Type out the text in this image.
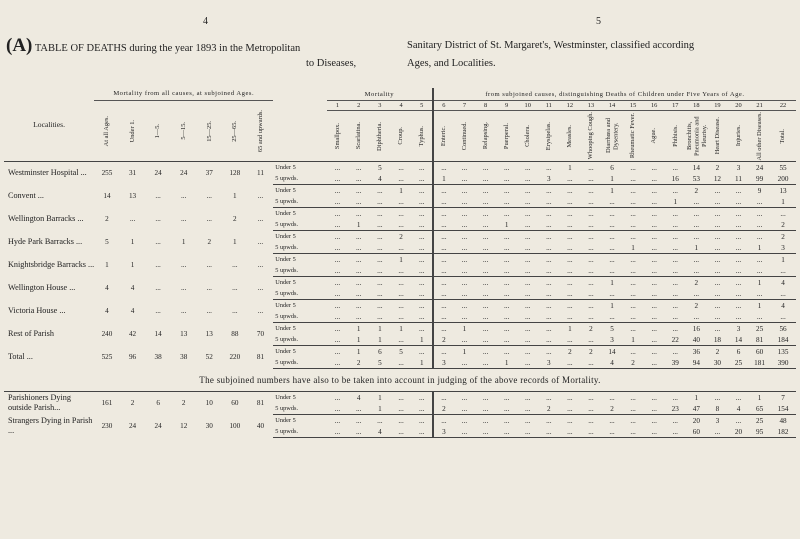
4	5
(A) TABLE OF DEATHS during the year 1893 in the Metropolitan
to Diseases,
Sanitary District of St. Margaret's, Westminster, classified according
Ages, and Localities.
Localities.	Mortality from all causes, at subjoined Ages.								Mortality					from subjoined causes, distinguishing Deaths of Children under Five Years of Age.																

	At all Ages.	Under 1.	1—5.	5—15.	15—25.	25—65.	65 and upwards.		1	2	3	4	5	6	7	8	9	10	11	12	13	14	15	16	17	18	19	20	21	22

									Smallpox.	Scarlatina.	Diphtheria.	Croup.	Typhus.	Enteric.	Continued.	Relapsing.	Puerperal.	Cholera.	Erysipelas.	Measles.	Whooping Cough.	Diarrhœa and Dysentery.	Rheumatic Fever.	Ague.	Phthisis.	Bronchitis, Pneumonia and Pleurisy.	Heart Disease.	Injuries.	All other Diseases.	Total.

Westminster Hospital ...	255	31	24	24	37	128	11	Under 5	...	...	5	...	...	...	...	...	...	...	...	1	...	6	...	...	...	14	2	3	24	55
								5 upwds.	...	...	4	...	...	1	...	...	...	...	3	...	...	1	...	...	16	53	12	11	99	200
Convent ...	14	13	...	...	...	1	...	Under 5	...	...	...	1	...	...	...	...	...	...	...	...	...	1	...	...	...	2	...	...	9	13
								5 upwds.	...	...	...	...	...	...	...	...	...	...	...	...	...	...	...	...	1	...	...	...	...	1
Wellington Barracks ...	2	...	...	...	...	2	...	Under 5	...	...	...	...	...	...	...	...	...	...	...	...	...	...	...	...	...	...	...	...	...	...
								5 upwds.	...	1	...	...	...	...	...	...	1	...	...	...	...	...	...	...	...	...	...	...	...	2
Hyde Park Barracks ...	5	1	...	1	2	1	...	Under 5	...	...	...	2	...	...	...	...	...	...	...	...	...	...	...	...	...	...	...	...	...	2
								5 upwds.	...	...	...	...	...	...	...	...	...	...	...	...	...	...	1	...	...	1	...	...	1	3
Knightsbridge Barracks ...	1	1	...	...	...	...	...	Under 5	...	...	...	1	...	...	...	...	...	...	...	...	...	...	...	...	...	...	...	...	...	1
								5 upwds.	...	...	...	...	...	...	...	...	...	...	...	...	...	...	...	...	...	...	...	...	...	...
Wellington House ...	4	4	...	...	...	...	...	Under 5	...	...	...	...	...	...	...	...	...	...	...	...	...	1	...	...	...	2	...	...	1	4
								5 upwds.	...	...	...	...	...	...	...	...	...	...	...	...	...	...	...	...	...	...	...	...	...	...
Victoria House ...	4	4	...	...	...	...	...	Under 5	...	...	...	...	...	...	...	...	...	...	...	...	...	1	...	...	...	2	...	...	1	4
								5 upwds.	...	...	...	...	...	...	...	...	...	...	...	...	...	...	...	...	...	...	...	...	...	...
Rest of Parish	240	42	14	13	13	88	70	Under 5	...	1	1	1	...	...	1	...	...	...	...	1	2	5	...	...	...	16	...	3	25	56
								5 upwds.	...	1	1	...	1	2	...	...	...	...	...	...	...	3	1	...	22	40	18	14	81	184
Total ...	525	96	38	38	52	220	81	Under 5	...	1	6	5	...	...	1	...	...	...	...	2	2	14	...	...	...	36	2	6	60	135
								5 upwds.	...	2	5	...	1	3	...	...	1	...	3	...	...	4	2	...	39	94	30	25	181	390
The subjoined numbers have also to be taken into account in judging of the above records of Mortality.																														
Parishioners Dying outside Parish...	161	2	6	2	10	60	81	Under 5	...	4	1	...	...	...	...	...	...	...	...	...	...	...	...	...	...	1	...	...	1	7
								5 upwds.	...	...	1	...	...	2	...	...	...	...	2	...	...	2	...	...	23	47	8	4	65	154
Strangers Dying in Parish ...	230	24	24	12	30	100	40	Under 5	...	...	...	...	...	...	...	...	...	...	...	...	...	...	...	...	...	20	3	...	25	48
								5 upwds.	...	...	4	...	...	3	...	...	...	...	...	...	...	...	...	...	...	60	...	20	95	182
